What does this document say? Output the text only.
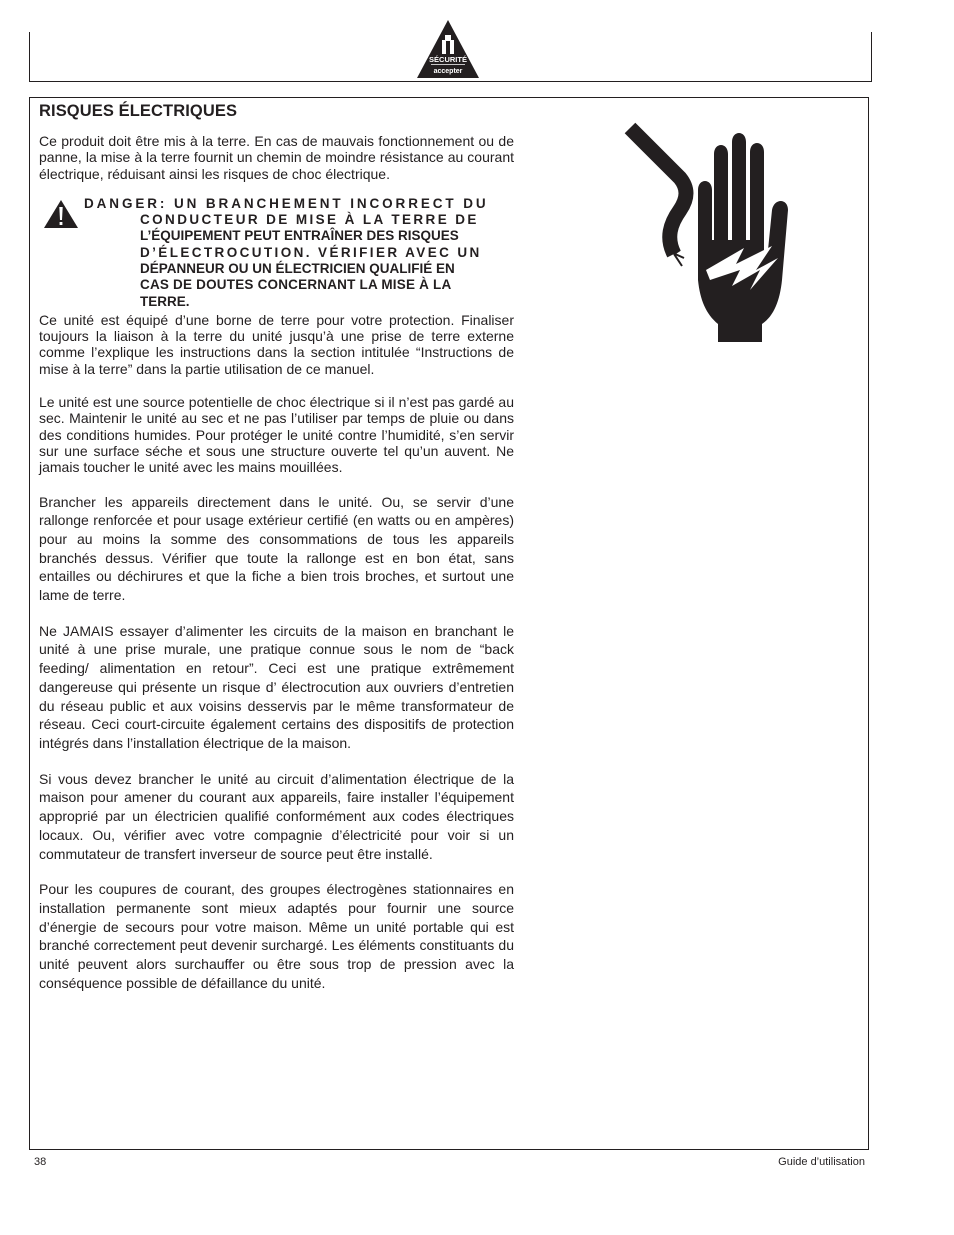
SÉCURITÉ
accepter
RISQUES ÉLECTRIQUES

Ce produit doit être mis à la terre. En cas de mauvais fonctionnement ou de panne, la mise à la terre fournit un chemin de moindre résistance au courant électrique, réduisant ainsi les risques de choc électrique.

DANGER: UN BRANCHEMENT INCORRECT DU
CONDUCTEUR DE MISE À LA TERRE DE
L’ÉQUIPEMENT PEUT ENTRAÎNER DES RISQUES
D’ÉLECTROCUTION. VÉRIFIER AVEC UN
DÉPANNEUR OU UN ÉLECTRICIEN QUALIFIÉ EN
CAS DE DOUTES CONCERNANT LA MISE À LA
TERRE.

Ce unité est équipé d’une borne de terre pour votre protection. Finaliser toujours la liaison à la terre du unité jusqu’à une prise de terre externe comme l’explique les instructions dans la section intitulée “Instructions de mise à la terre” dans la partie utilisation de ce manuel.

Le unité est une source potentielle de choc électrique si il n’est pas gardé au sec. Maintenir le unité au sec et ne pas l’utiliser par temps de pluie ou dans des conditions humides. Pour protéger le unité contre l’humidité, s’en servir sur une surface séche et sous une structure ouverte tel qu’un auvent. Ne jamais toucher le unité avec les mains mouillées.

Brancher les appareils directement dans le unité. Ou, se servir d’une rallonge renforcée et pour usage extérieur certifié (en watts ou en ampères) pour au moins la somme des consommations de tous les appareils branchés dessus. Vérifier que toute la rallonge est en bon état, sans entailles ou déchirures et que la fiche a bien trois broches, et surtout une lame de terre.

Ne JAMAIS essayer d’alimenter les circuits de la maison en branchant le unité à une prise murale, une pratique connue sous le nom de “back feeding/ alimentation en retour”. Ceci est une pratique extrêmement dangereuse qui présente un risque d’ électrocution aux ouvriers d’entretien du réseau public et aux voisins desservis par le même transformateur de réseau. Ceci court-circuite également certains des dispositifs de protection intégrés dans l’installation électrique de la maison.

Si vous devez brancher le unité au circuit d’alimentation électrique de la maison pour amener du courant aux appareils, faire installer l’équipement approprié par un électricien qualifié conformément aux codes électriques locaux. Ou, vérifier avec votre compagnie d’électricité pour voir si un commutateur de transfert inverseur de source peut être installé.

Pour les coupures de courant, des groupes électrogènes stationnaires en installation permanente sont mieux adaptés pour fournir une source d’énergie de secours pour votre maison. Même un unité portable qui est branché correctement peut devenir surchargé. Les éléments constituants du unité peuvent alors surchauffer ou être sous trop de pression avec la conséquence possible de défaillance du unité.

38	Guide d’utilisation
